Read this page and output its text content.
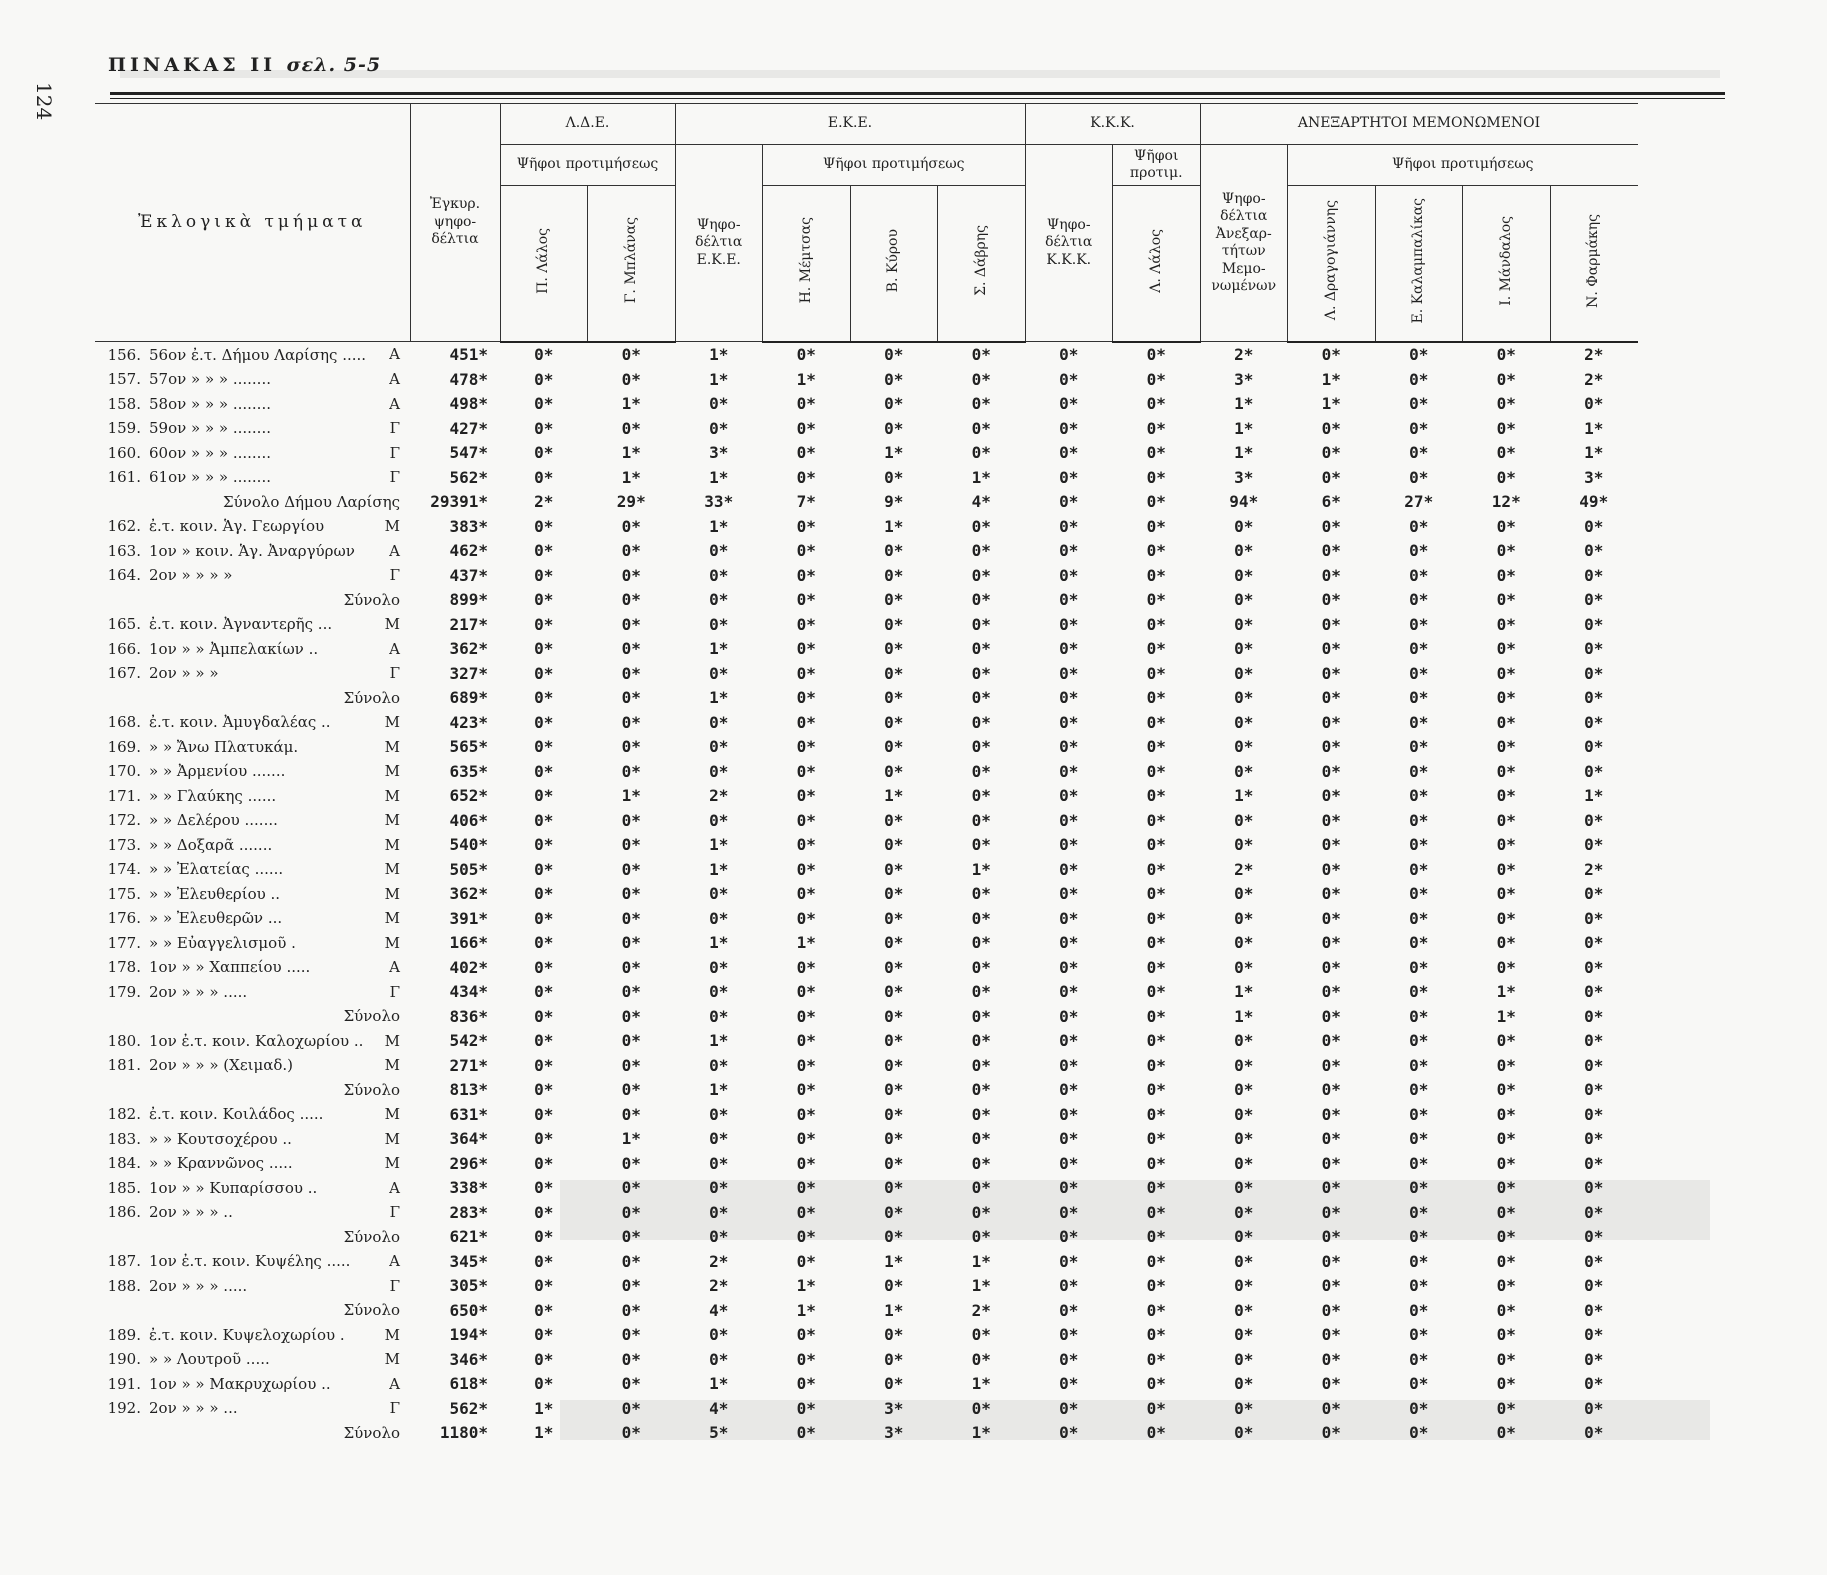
124
ΠΙΝΑΚΑΣ ΙΙ σελ. 5-5
Ἐκλογικὰ τμήματα	Ἐγκυρ. ψηφο- δέλτια	Λ.Δ.Ε.		Ε.Κ.Ε.				Κ.Κ.Κ.		ΑΝΕΞΑΡΤΗΤΟΙ ΜΕΜΟΝΩΜΕΝΟΙ				
		Ψῆφοι προτιμήσεως		Ψηφο- δέλτια Ε.Κ.Ε.	Ψῆφοι προτιμήσεως			Ψηφο- δέλτια Κ.Κ.Κ.	Ψῆφοι προτιμ.	Ψηφο- δέλτια Ἀνεξαρ- τήτων Μεμο- νωμένων	Ψῆφοι προτιμήσεως			

		Π. Λάλος	Γ. Μπλάνας		Η. Μέμτσας	Β. Κύρου	Σ. Δάβρης		Λ. Λάλος		Λ. Δραγογιάννης	Ε. Καλαμπαλίκας	Ι. Μάνδαλος	Ν. Φαρμάκης
156. 56ον ἐ.τ. Δήμου Λαρίσης ..... Α	451*	0*	0*	1*	0*	0*	0*	0*	0*	2*	0*	0*	0*	2*
157. 57ον » » » ........ Α	478*	0*	0*	1*	1*	0*	0*	0*	0*	3*	1*	0*	0*	2*
158. 58ον » » » ........ Α	498*	0*	1*	0*	0*	0*	0*	0*	0*	1*	1*	0*	0*	0*
159. 59ον » » » ........ Γ	427*	0*	0*	0*	0*	0*	0*	0*	0*	1*	0*	0*	0*	1*
160. 60ον » » » ........ Γ	547*	0*	1*	3*	0*	1*	0*	0*	0*	1*	0*	0*	0*	1*
161. 61ον » » » ........ Γ	562*	0*	1*	1*	0*	0*	1*	0*	0*	3*	0*	0*	0*	3*
Σύνολο Δήμου Λαρίσης	29391*	2*	29*	33*	7*	9*	4*	0*	0*	94*	6*	27*	12*	49*
162. ἐ.τ. κοιν. Ἁγ. Γεωργίου Μ	383*	0*	0*	1*	0*	1*	0*	0*	0*	0*	0*	0*	0*	0*
163. 1ον » κοιν. Ἁγ. Ἀναργύρων Α	462*	0*	0*	0*	0*	0*	0*	0*	0*	0*	0*	0*	0*	0*
164. 2ον » » » » Γ	437*	0*	0*	0*	0*	0*	0*	0*	0*	0*	0*	0*	0*	0*
Σύνολο	899*	0*	0*	0*	0*	0*	0*	0*	0*	0*	0*	0*	0*	0*
165. ἐ.τ. κοιν. Ἀγναντερῆς ... Μ	217*	0*	0*	0*	0*	0*	0*	0*	0*	0*	0*	0*	0*	0*
166. 1ον » » Ἀμπελακίων .. Α	362*	0*	0*	1*	0*	0*	0*	0*	0*	0*	0*	0*	0*	0*
167. 2ον » » » Γ	327*	0*	0*	0*	0*	0*	0*	0*	0*	0*	0*	0*	0*	0*
Σύνολο	689*	0*	0*	1*	0*	0*	0*	0*	0*	0*	0*	0*	0*	0*
168. ἐ.τ. κοιν. Ἀμυγδαλέας .. Μ	423*	0*	0*	0*	0*	0*	0*	0*	0*	0*	0*	0*	0*	0*
169. » » Ἄνω Πλατυκάμ. Μ	565*	0*	0*	0*	0*	0*	0*	0*	0*	0*	0*	0*	0*	0*
170. » » Ἀρμενίου ....... Μ	635*	0*	0*	0*	0*	0*	0*	0*	0*	0*	0*	0*	0*	0*
171. » » Γλαύκης ...... Μ	652*	0*	1*	2*	0*	1*	0*	0*	0*	1*	0*	0*	0*	1*
172. » » Δελέρου ....... Μ	406*	0*	0*	0*	0*	0*	0*	0*	0*	0*	0*	0*	0*	0*
173. » » Δοξαρᾶ ....... Μ	540*	0*	0*	1*	0*	0*	0*	0*	0*	0*	0*	0*	0*	0*
174. » » Ἐλατείας ...... Μ	505*	0*	0*	1*	0*	0*	1*	0*	0*	2*	0*	0*	0*	2*
175. » » Ἐλευθερίου .. Μ	362*	0*	0*	0*	0*	0*	0*	0*	0*	0*	0*	0*	0*	0*
176. » » Ἐλευθερῶν ... Μ	391*	0*	0*	0*	0*	0*	0*	0*	0*	0*	0*	0*	0*	0*
177. » » Εὐαγγελισμοῦ . Μ	166*	0*	0*	1*	1*	0*	0*	0*	0*	0*	0*	0*	0*	0*
178. 1ον » » Χαππείου ..... Α	402*	0*	0*	0*	0*	0*	0*	0*	0*	0*	0*	0*	0*	0*
179. 2ον » » » ..... Γ	434*	0*	0*	0*	0*	0*	0*	0*	0*	1*	0*	0*	1*	0*
Σύνολο	836*	0*	0*	0*	0*	0*	0*	0*	0*	1*	0*	0*	1*	0*
180. 1ον ἐ.τ. κοιν. Καλοχωρίου .. Μ	542*	0*	0*	1*	0*	0*	0*	0*	0*	0*	0*	0*	0*	0*
181. 2ον » » » (Χειμαδ.) Μ	271*	0*	0*	0*	0*	0*	0*	0*	0*	0*	0*	0*	0*	0*
Σύνολο	813*	0*	0*	1*	0*	0*	0*	0*	0*	0*	0*	0*	0*	0*
182. ἐ.τ. κοιν. Κοιλάδος ..... Μ	631*	0*	0*	0*	0*	0*	0*	0*	0*	0*	0*	0*	0*	0*
183. » » Κουτσοχέρου .. Μ	364*	0*	1*	0*	0*	0*	0*	0*	0*	0*	0*	0*	0*	0*
184. » » Κραννῶνος ..... Μ	296*	0*	0*	0*	0*	0*	0*	0*	0*	0*	0*	0*	0*	0*
185. 1ον » » Κυπαρίσσου .. Α	338*	0*	0*	0*	0*	0*	0*	0*	0*	0*	0*	0*	0*	0*
186. 2ον » » » .. Γ	283*	0*	0*	0*	0*	0*	0*	0*	0*	0*	0*	0*	0*	0*
Σύνολο	621*	0*	0*	0*	0*	0*	0*	0*	0*	0*	0*	0*	0*	0*
187. 1ον ἐ.τ. κοιν. Κυψέλης ..... Α	345*	0*	0*	2*	0*	1*	1*	0*	0*	0*	0*	0*	0*	0*
188. 2ον » » » ..... Γ	305*	0*	0*	2*	1*	0*	1*	0*	0*	0*	0*	0*	0*	0*
Σύνολο	650*	0*	0*	4*	1*	1*	2*	0*	0*	0*	0*	0*	0*	0*
189. ἐ.τ. κοιν. Κυψελοχωρίου . Μ	194*	0*	0*	0*	0*	0*	0*	0*	0*	0*	0*	0*	0*	0*
190. » » Λουτροῦ ..... Μ	346*	0*	0*	0*	0*	0*	0*	0*	0*	0*	0*	0*	0*	0*
191. 1ον » » Μακρυχωρίου .. Α	618*	0*	0*	1*	0*	0*	1*	0*	0*	0*	0*	0*	0*	0*
192. 2ον » » » ... Γ	562*	1*	0*	4*	0*	3*	0*	0*	0*	0*	0*	0*	0*	0*
Σύνολο	1180*	1*	0*	5*	0*	3*	1*	0*	0*	0*	0*	0*	0*	0*
